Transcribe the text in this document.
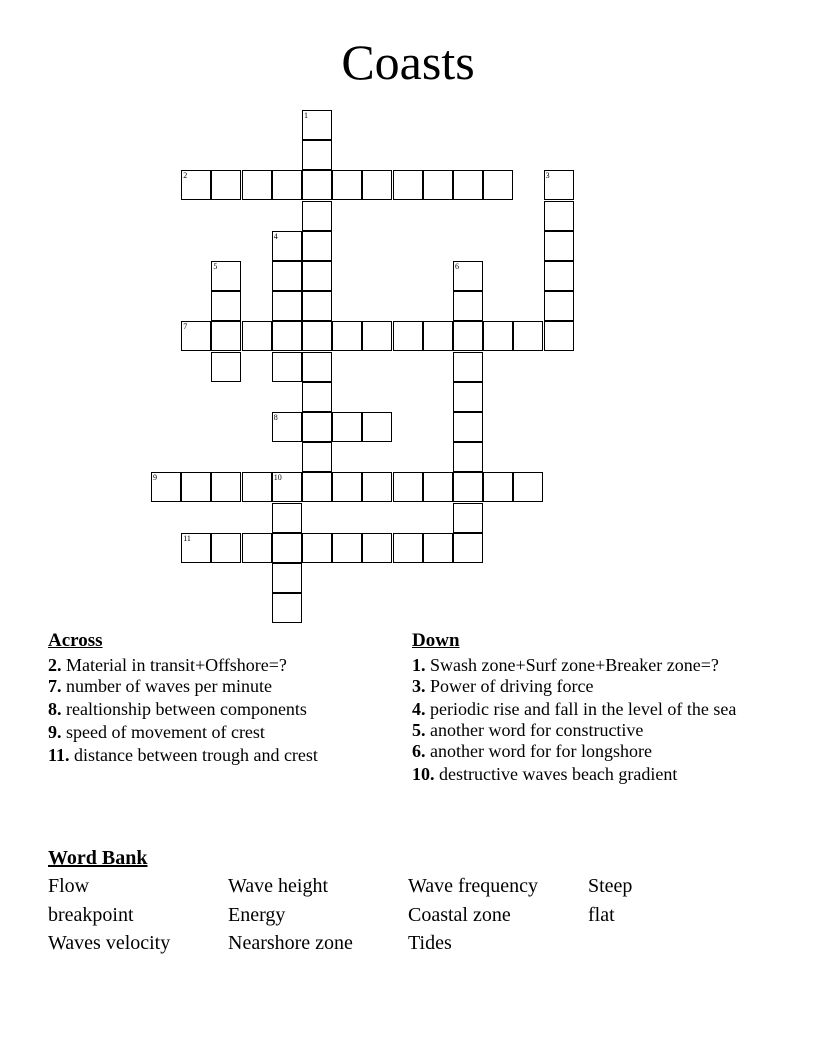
Coasts
1
2	3
4
5	6
7
8
9	10
11
Across
2. Material in transit+Offshore=?
7. number of waves per minute
8. realtionship between components
9. speed of movement of crest
11. distance between trough and crest
Down
1. Swash zone+Surf zone+Breaker zone=?
3. Power of driving force
4. periodic rise and fall in the level of the sea
5. another word for constructive
6. another word for for longshore
10. destructive waves beach gradient
Word Bank
Flow	Wave height	Wave frequency	Steep
breakpoint	Energy	Coastal zone	flat
Waves velocity	Nearshore zone	Tides
